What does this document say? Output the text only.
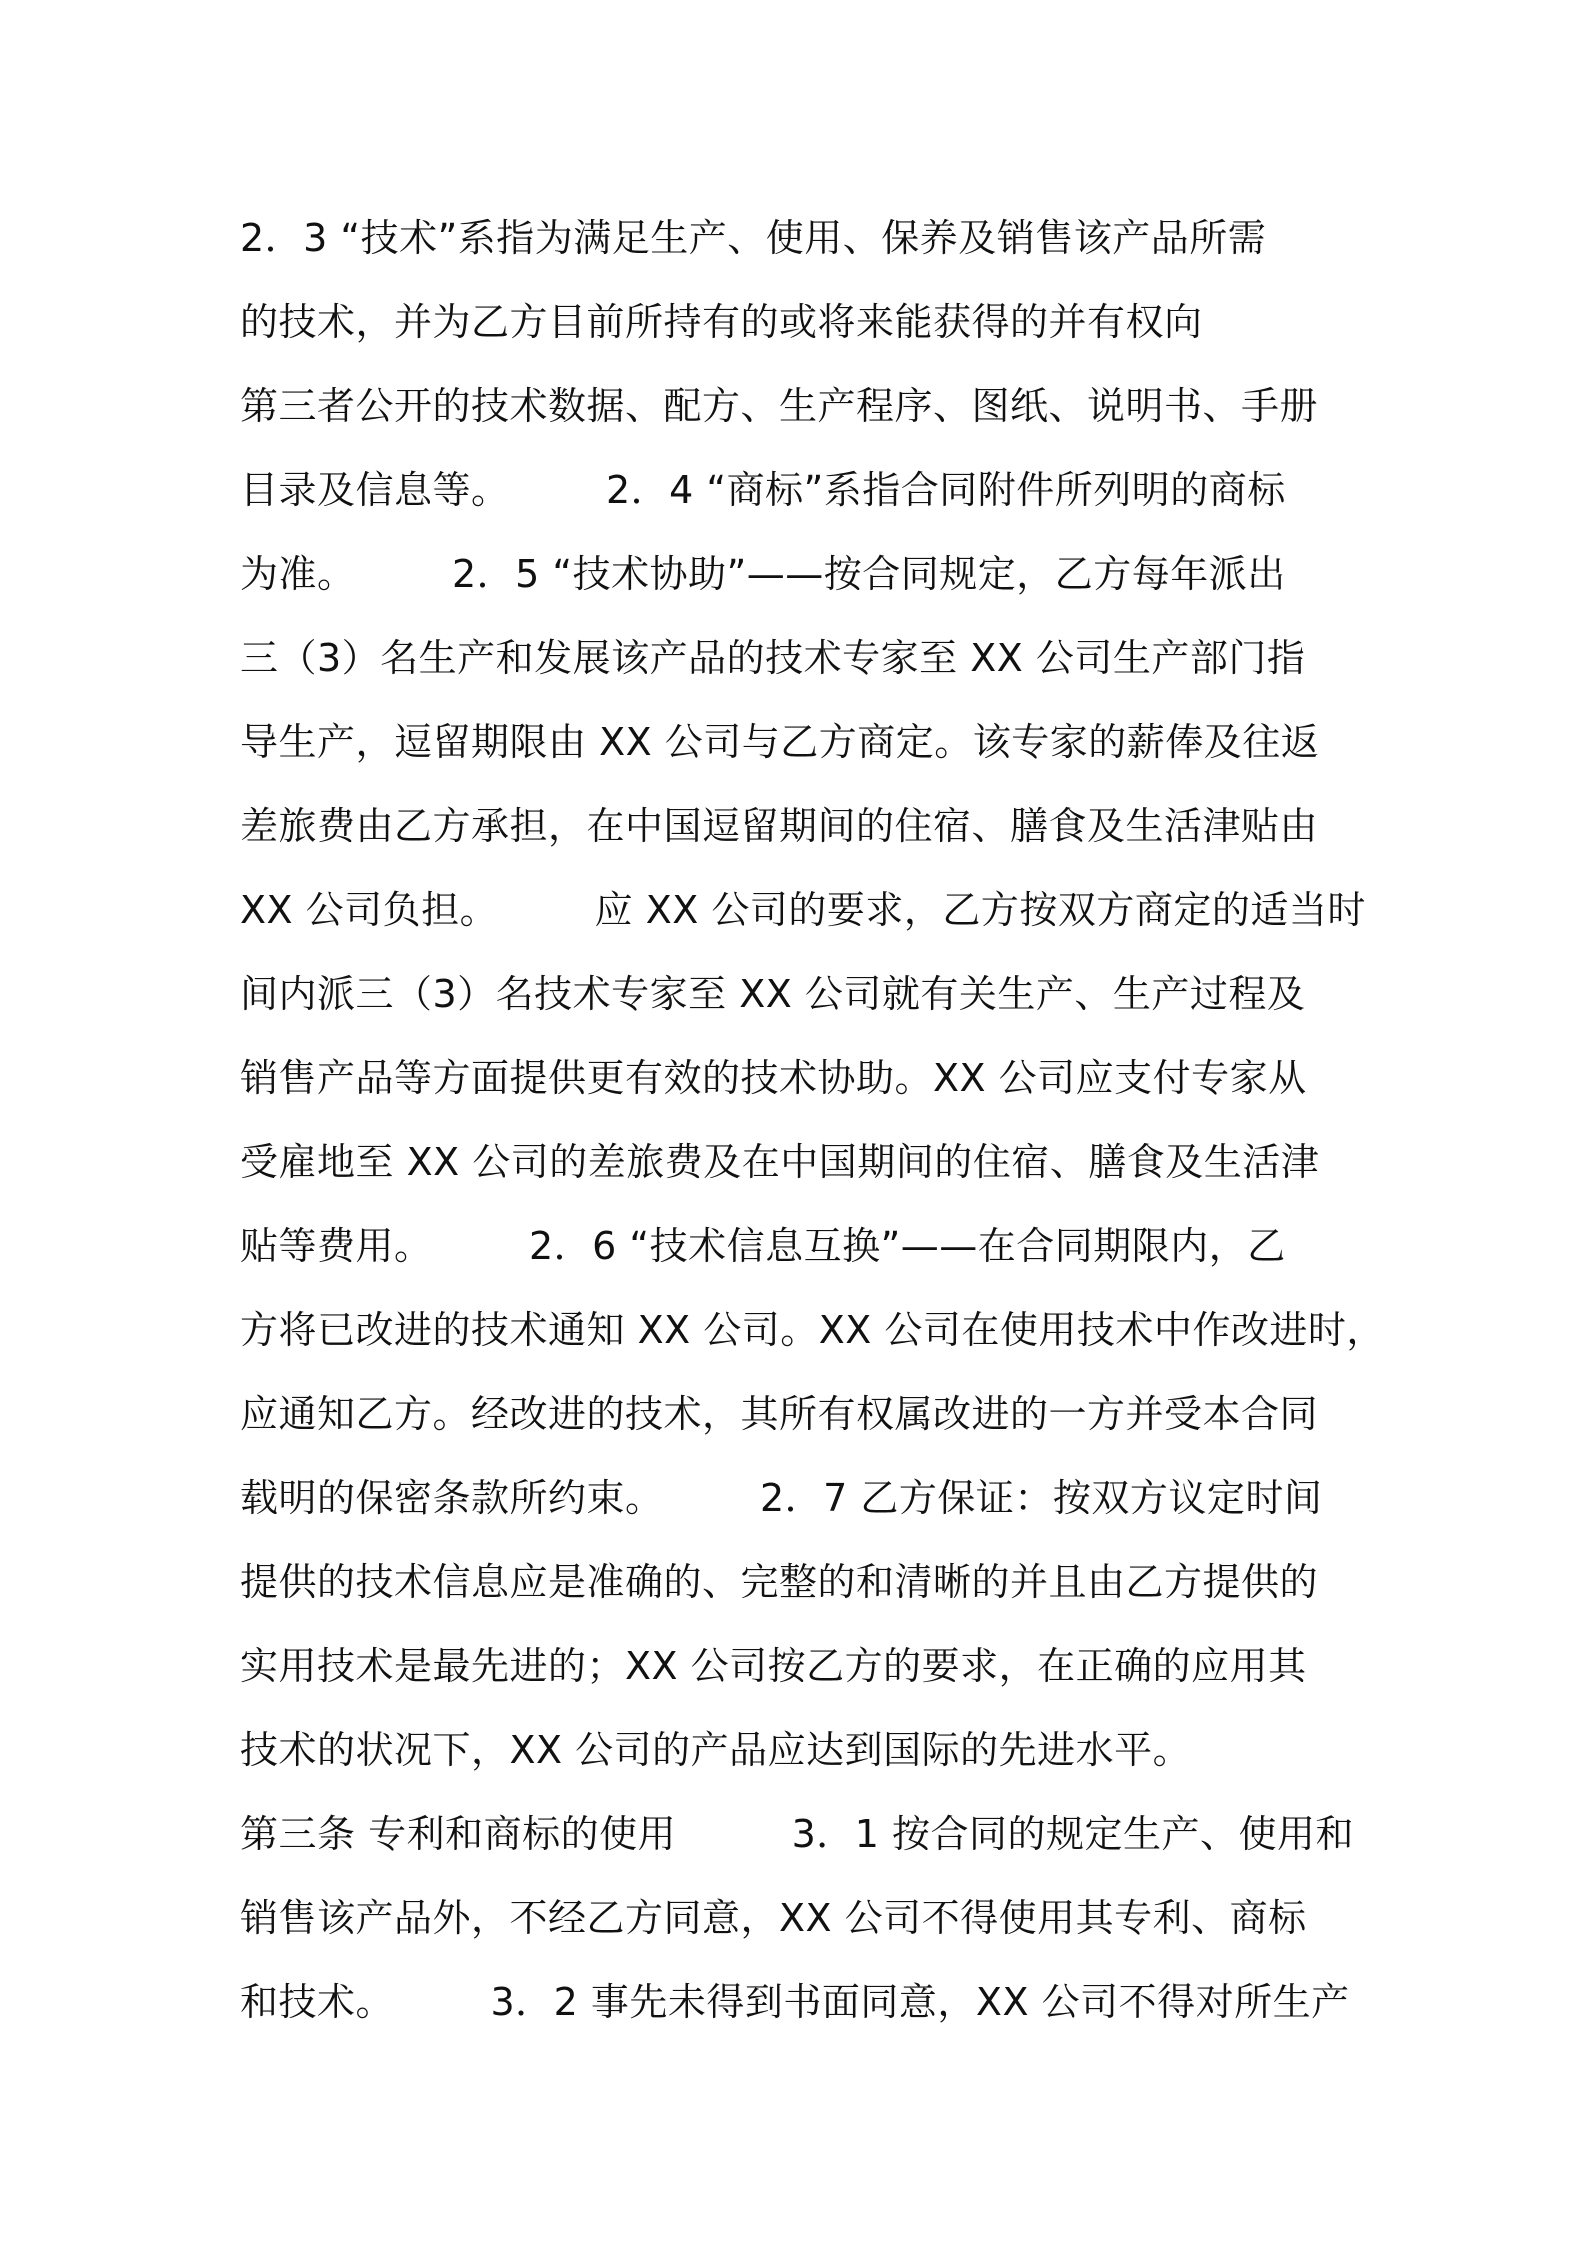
2．3 “技术”系指为满足生产、使用、保养及销售该产品所需
的技术，并为乙方目前所持有的或将来能获得的并有权向
第三者公开的技术数据、配方、生产程序、图纸、说明书、手册
目录及信息等。　　　2．4 “商标”系指合同附件所列明的商标
为准。　　　2．5 “技术协助”——按合同规定，乙方每年派出
三（3）名生产和发展该产品的技术专家至 XX 公司生产部门指
导生产，逗留期限由 XX 公司与乙方商定。该专家的薪俸及往返
差旅费由乙方承担，在中国逗留期间的住宿、膳食及生活津贴由
XX 公司负担。　　　应 XX 公司的要求，乙方按双方商定的适当时
间内派三（3）名技术专家至 XX 公司就有关生产、生产过程及
销售产品等方面提供更有效的技术协助。XX 公司应支付专家从
受雇地至 XX 公司的差旅费及在中国期间的住宿、膳食及生活津
贴等费用。　　　2．6 “技术信息互换”——在合同期限内，乙
方将已改进的技术通知 XX 公司。XX 公司在使用技术中作改进时，
应通知乙方。经改进的技术，其所有权属改进的一方并受本合同
载明的保密条款所约束。　　　2．7 乙方保证：按双方议定时间
提供的技术信息应是准确的、完整的和清晰的并且由乙方提供的
实用技术是最先进的；XX 公司按乙方的要求，在正确的应用其
技术的状况下，XX 公司的产品应达到国际的先进水平。
第三条 专利和商标的使用　　　3．1 按合同的规定生产、使用和
销售该产品外，不经乙方同意，XX 公司不得使用其专利、商标
和技术。　　　3．2 事先未得到书面同意，XX 公司不得对所生产
